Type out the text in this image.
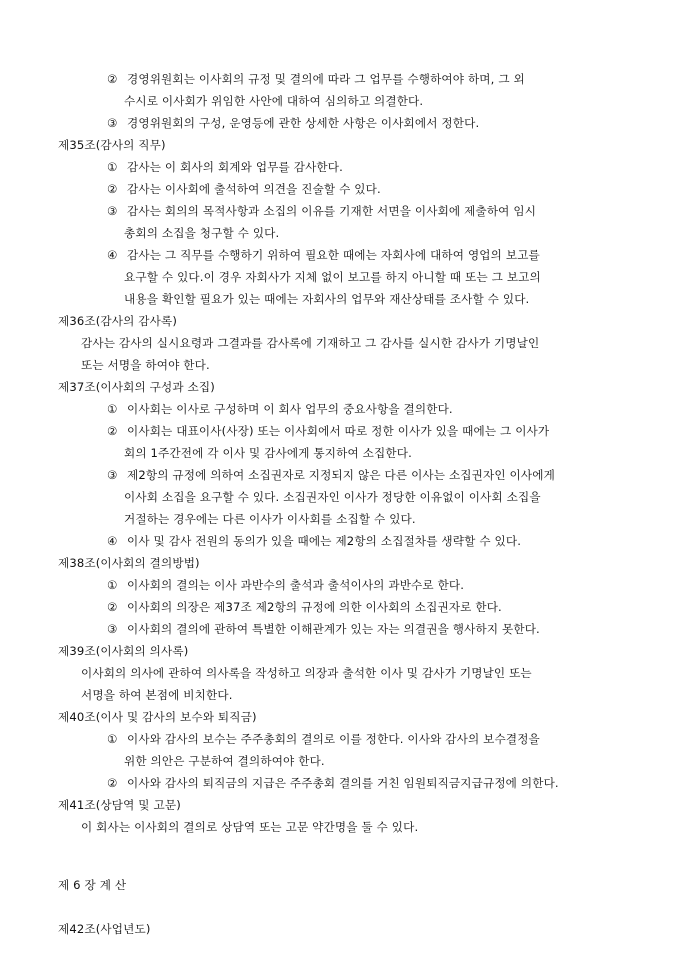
② 경영위원회는 이사회의 규정 및 결의에 따라 그 업무를 수행하여야 하며, 그 외
수시로 이사회가 위임한 사안에 대하여 심의하고 의결한다.
③ 경영위원회의 구성, 운영등에 관한 상세한 사항은 이사회에서 정한다.
제35조(감사의 직무)
① 감사는 이 회사의 회계와 업무를 감사한다.
② 감사는 이사회에 출석하여 의견을 진술할 수 있다.
③ 감사는 회의의 목적사항과 소집의 이유를 기재한 서면을 이사회에 제출하여 임시
총회의 소집을 청구할 수 있다.
④ 감사는 그 직무를 수행하기 위하여 필요한 때에는 자회사에 대하여 영업의 보고를
요구할 수 있다.이 경우 자회사가 지체 없이 보고를 하지 아니할 때 또는 그 보고의
내용을 확인할 필요가 있는 때에는 자회사의 업무와 재산상태를 조사할 수 있다.
제36조(감사의 감사록)
감사는 감사의 실시요령과 그결과를 감사록에 기재하고 그 감사를 실시한 감사가 기명날인
또는 서명을 하여야 한다.
제37조(이사회의 구성과 소집)
① 이사회는 이사로 구성하며 이 회사 업무의 중요사항을 결의한다.
② 이사회는 대표이사(사장) 또는 이사회에서 따로 정한 이사가 있을 때에는 그 이사가
회의 1주간전에 각 이사 및 감사에게 통지하여 소집한다.
③ 제2항의 규정에 의하여 소집권자로 지정되지 않은 다른 이사는 소집권자인 이사에게
이사회 소집을 요구할 수 있다. 소집권자인 이사가 정당한 이유없이 이사회 소집을
거절하는 경우에는 다른 이사가 이사회를 소집할 수 있다.
④ 이사 및 감사 전원의 동의가 있을 때에는 제2항의 소집절차를 생략할 수 있다.
제38조(이사회의 결의방법)
① 이사회의 결의는 이사 과반수의 출석과 출석이사의 과반수로 한다.
② 이사회의 의장은 제37조 제2항의 규정에 의한 이사회의 소집권자로 한다.
③ 이사회의 결의에 관하여 특별한 이해관계가 있는 자는 의결권을 행사하지 못한다.
제39조(이사회의 의사록)
이사회의 의사에 관하여 의사록을 작성하고 의장과 출석한 이사 및 감사가 기명날인 또는
서명을 하여 본점에 비치한다.
제40조(이사 및 감사의 보수와 퇴직금)
① 이사와 감사의 보수는 주주총회의 결의로 이를 정한다. 이사와 감사의 보수결정을
위한 의안은 구분하여 결의하여야 한다.
② 이사와 감사의 퇴직금의 지급은 주주총회 결의를 거친 임원퇴직금지급규정에 의한다.
제41조(상담역 및 고문)
이 회사는 이사회의 결의로 상담역 또는 고문 약간명을 둘 수 있다.
제 6 장 계 산
제42조(사업년도)
